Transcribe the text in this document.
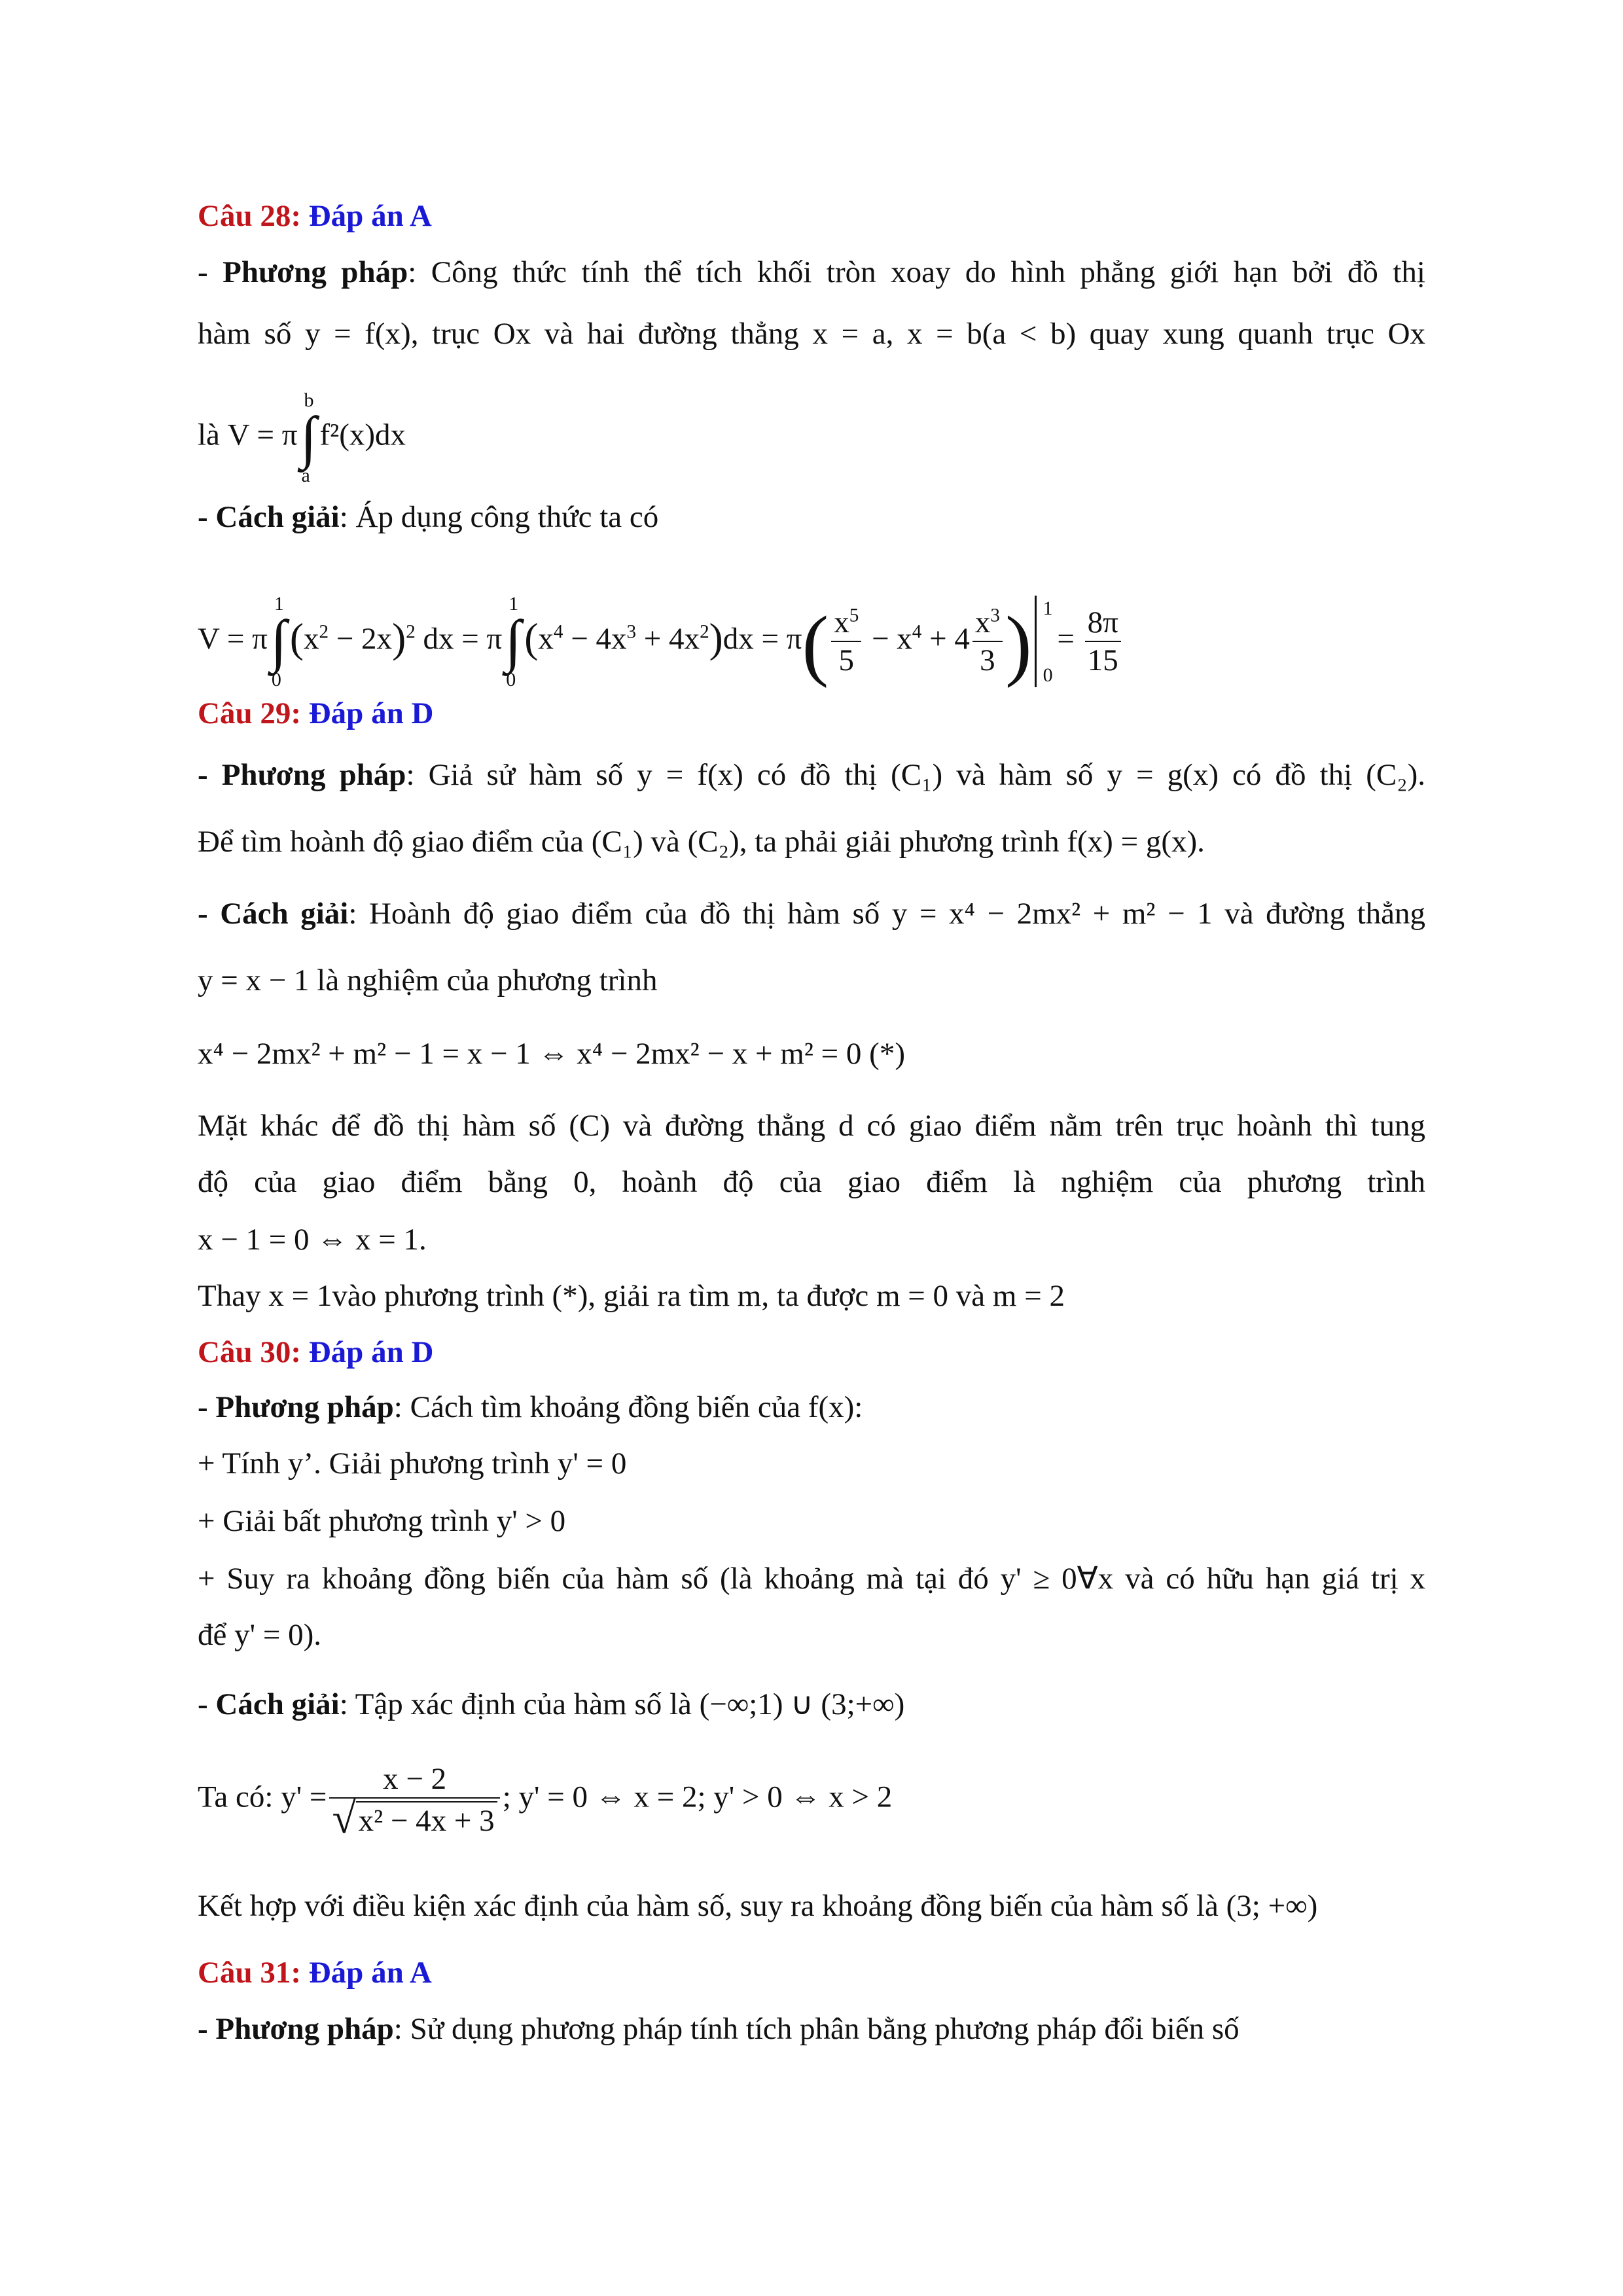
Câu 28: Đáp án A
- Phương pháp: Công thức tính thể tích khối tròn xoay do hình phẳng giới hạn bởi đồ thị
hàm số y = f(x), trục Ox và hai đường thẳng x = a, x = b(a < b) quay xung quanh trục Ox
là V = π
b
∫
a
f²(x)dx
- Cách giải: Áp dụng công thức ta có
V = π
1
∫
0
$(x^2 - 2x)^2$ dx = π
1
∫
0
$(x^4 - 4x^3 + 4x^2)dx = \pi( \frac{x^5}{5} - x^4 + 4 \frac{x^3}{3}$ ) 1
0
= $\frac{8\pi}{15}$
Câu 29: Đáp án D
- Phương pháp: Giả sử hàm số y = f(x) có đồ thị (C₁) và hàm số y = g(x) có đồ thị (C₂).
Để tìm hoành độ giao điểm của (C₁) và (C₂), ta phải giải phương trình f(x) = g(x).
- Cách giải: Hoành độ giao điểm của đồ thị hàm số y = x⁴ − 2mx² + m² − 1 và đường thẳng
y = x − 1 là nghiệm của phương trình
x⁴ − 2mx² + m² − 1 = x − 1 ⇔ x⁴ − 2mx² − x + m² = 0 (*)
Mặt khác để đồ thị hàm số (C) và đường thẳng d có giao điểm nằm trên trục hoành thì tung
độ của giao điểm bằng 0, hoành độ của giao điểm là nghiệm của phương trình
x − 1 = 0 ⇔ x = 1.
Thay x = 1vào phương trình (*), giải ra tìm m, ta được m = 0 và m = 2
Câu 30: Đáp án D
- Phương pháp: Cách tìm khoảng đồng biến của f(x):
+ Tính y’. Giải phương trình y' = 0
+ Giải bất phương trình y' > 0
+ Suy ra khoảng đồng biến của hàm số (là khoảng mà tại đó y' ≥ 0∀x và có hữu hạn giá trị x
để y' = 0).
- Cách giải: Tập xác định của hàm số là (−∞;1) ∪ (3;+∞)
Ta có: $y' = \frac{x - 2}{\text{√x² − 4x + 3}}$ ; y' = 0 ⇔ x = 2; y' > 0 ⇔ x > 2
Kết hợp với điều kiện xác định của hàm số, suy ra khoảng đồng biến của hàm số là (3; +∞)
Câu 31: Đáp án A
- Phương pháp: Sử dụng phương pháp tính tích phân bằng phương pháp đổi biến số
